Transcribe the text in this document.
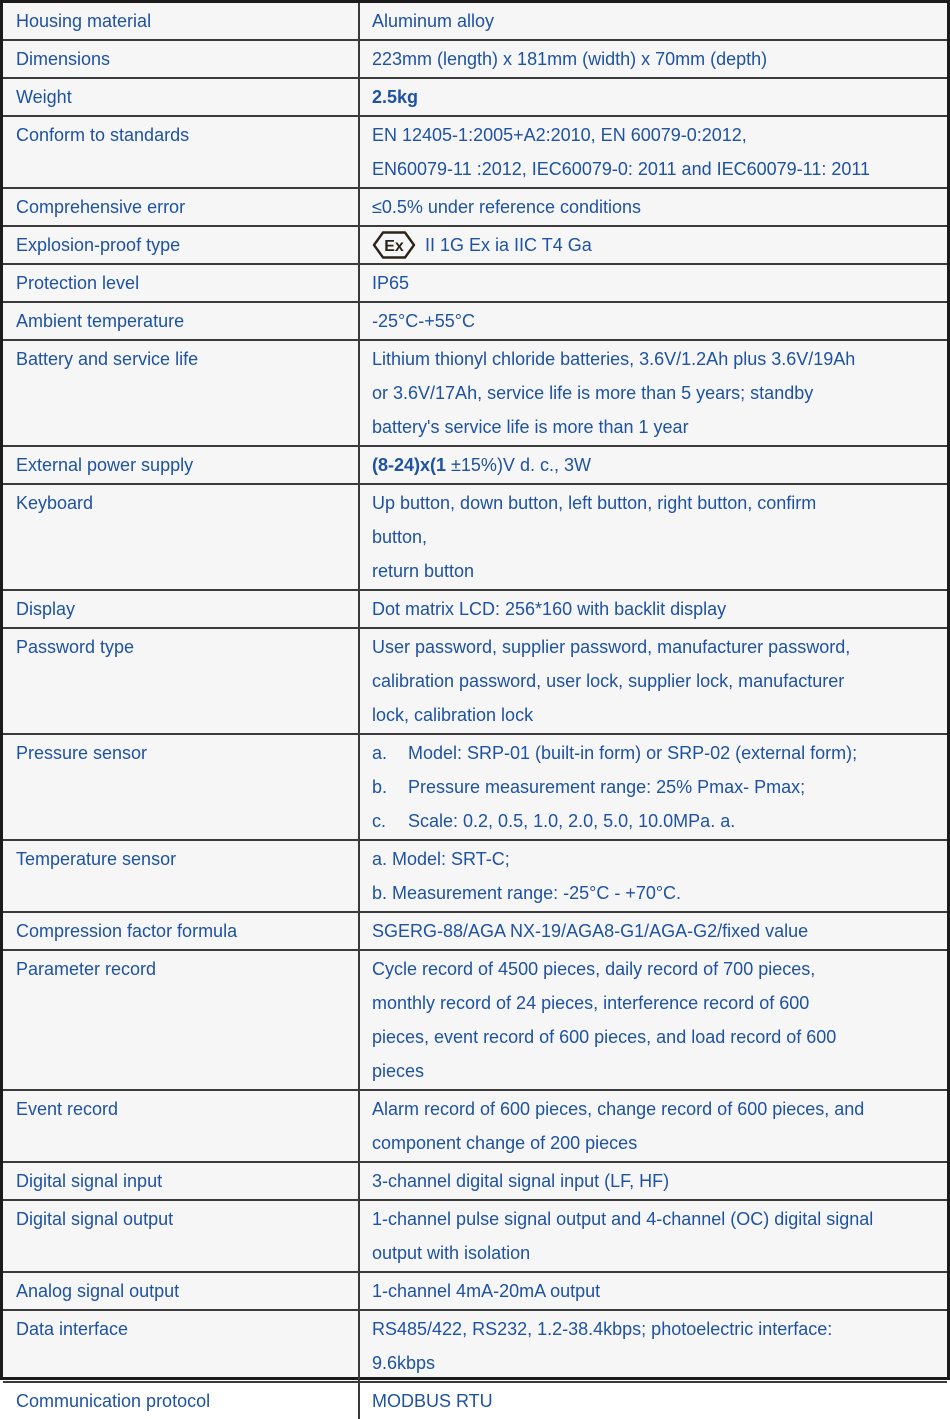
Housing material	Aluminum alloy
Dimensions	223mm (length) x 181mm (width) x 70mm (depth)
Weight	2.5kg
Conform to standards	EN 12405-1:2005+A2:2010, EN 60079-0:2012,
EN60079-11 :2012, IEC60079-0: 2011 and IEC60079-11: 2011
Comprehensive error	≤0.5% under reference conditions
Explosion-proof type	Ex II 1G Ex ia IIC T4 Ga
Protection level	IP65
Ambient temperature	-25°C-+55°C
Battery and service life	Lithium thionyl chloride batteries, 3.6V/1.2Ah plus 3.6V/19Ah
or 3.6V/17Ah, service life is more than 5 years; standby
battery's service life is more than 1 year
External power supply	(8-24)x(1 ±15%)V d. c., 3W
Keyboard	Up button, down button, left button, right button, confirm
button,
return button
Display	Dot matrix LCD: 256*160 with backlit display
Password type	User password, supplier password, manufacturer password,
calibration password, user lock, supplier lock, manufacturer
lock, calibration lock
Pressure sensor	a. Model: SRP-01 (built-in form) or SRP-02 (external form);
b. Pressure measurement range: 25% Pmax- Pmax;
c. Scale: 0.2, 0.5, 1.0, 2.0, 5.0, 10.0MPa. a.
Temperature sensor	a. Model: SRT-C;
b. Measurement range: -25°C - +70°C.
Compression factor formula	SGERG-88/AGA NX-19/AGA8-G1/AGA-G2/fixed value
Parameter record	Cycle record of 4500 pieces, daily record of 700 pieces,
monthly record of 24 pieces, interference record of 600
pieces, event record of 600 pieces, and load record of 600
pieces
Event record	Alarm record of 600 pieces, change record of 600 pieces, and
component change of 200 pieces
Digital signal input	3-channel digital signal input (LF, HF)
Digital signal output	1-channel pulse signal output and 4-channel (OC) digital signal
output with isolation
Analog signal output	1-channel 4mA-20mA output
Data interface	RS485/422, RS232, 1.2-38.4kbps; photoelectric interface:
9.6kbps
Communication protocol	MODBUS RTU
